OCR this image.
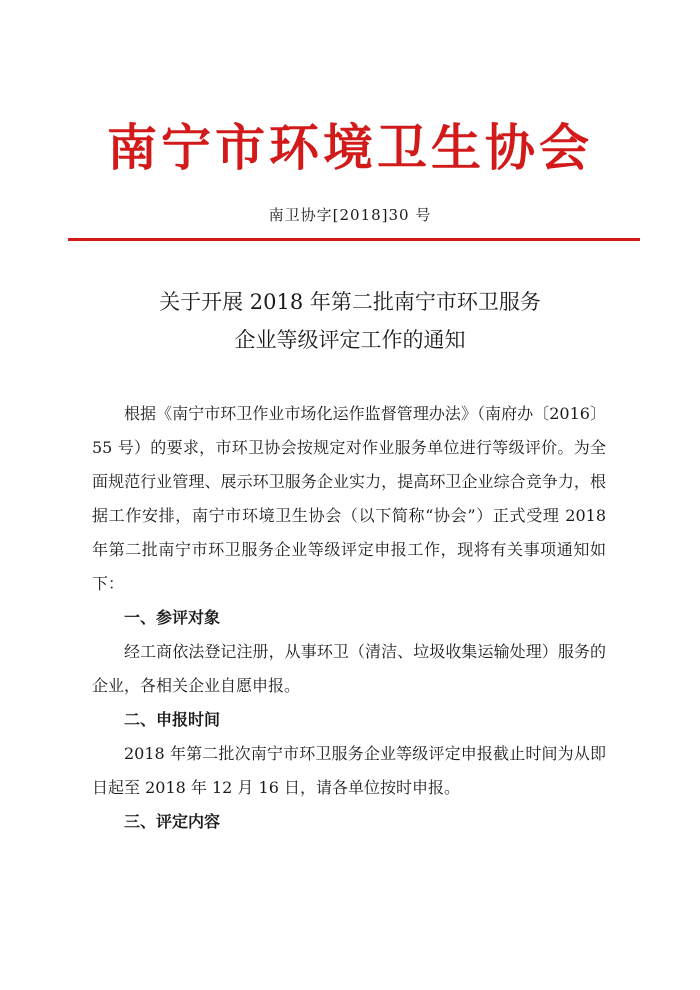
南宁市环境卫生协会
南卫协字[2018]30 号
关于开展 2018 年第二批南宁市环卫服务
企业等级评定工作的通知

根据《南宁市环卫作业市场化运作监督管理办法》（南府办〔2016〕55 号）的要求，市环卫协会按规定对作业服务单位进行等级评价。为全面规范行业管理、展示环卫服务企业实力，提高环卫企业综合竞争力，根据工作安排，南宁市环境卫生协会（以下简称“协会”）正式受理 2018 年第二批南宁市环卫服务企业等级评定申报工作，现将有关事项通知如下：

一、参评对象

经工商依法登记注册，从事环卫（清洁、垃圾收集运输处理）服务的企业，各相关企业自愿申报。

二、申报时间

2018 年第二批次南宁市环卫服务企业等级评定申报截止时间为从即日起至 2018 年 12 月 16 日，请各单位按时申报。

三、评定内容
